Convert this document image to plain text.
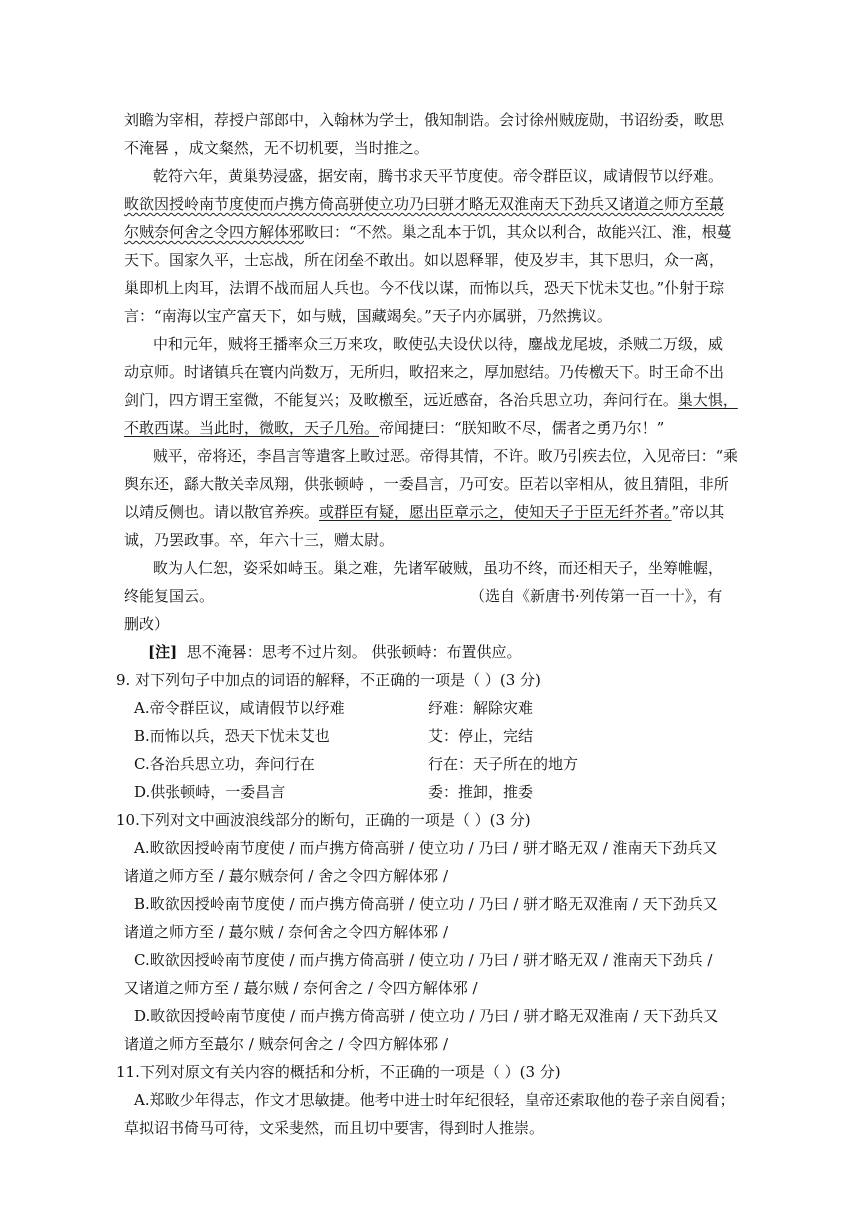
刘瞻为宰相，荐授户部郎中，入翰林为学士，俄知制诰。会讨徐州贼庞勋，书诏纷委，畋思
不淹晷 ，成文粲然，无不切机要，当时推之。
乾符六年，黄巢势浸盛，据安南，腾书求天平节度使。帝令群臣议，咸请假节以纾难。
畋欲因授岭南节度使而卢携方倚高骈使立功乃曰骈才略无双淮南天下劲兵又诸道之师方至蕞
尔贼奈何舍之令四方解体邪畋曰：“不然。巢之乱本于饥，其众以利合，故能兴江、淮，根蔓
天下。国家久平，士忘战，所在闭垒不敢出。如以恩释罪，使及岁丰，其下思归，众一离，
巢即机上肉耳，法谓不战而屈人兵也。今不伐以谋，而怖以兵，恐天下忧未艾也。”仆射于琮
言：“南海以宝产富天下，如与贼，国藏竭矣。”天子内亦属骈，乃然携议。
中和元年，贼将王播率众三万来攻，畋使弘夫设伏以待，鏖战龙尾坡，杀贼二万级，威
动京师。时诸镇兵在寰内尚数万，无所归，畋招来之，厚加慰结。乃传檄天下。时王命不出
剑门，四方谓王室微，不能复兴；及畋檄至，远近感奋，各治兵思立功，奔问行在。巢大惧，
不敢西谋。当此时，微畋，天子几殆。帝闻捷曰：“朕知畋不尽，儒者之勇乃尔！”
贼平，帝将还，李昌言等遣客上畋过恶。帝得其情，不许。畋乃引疾去位，入见帝曰：“乘
舆东还，繇大散关幸凤翔，供张顿峙 ，一委昌言，乃可安。臣若以宰相从，彼且猜阻，非所
以靖反侧也。请以散官养疾。或群臣有疑，愿出臣章示之，使知天子于臣无纤芥者。”帝以其
诚，乃罢政事。卒，年六十三，赠太尉。
畋为人仁恕，姿采如峙玉。巢之难，先诸军破贼，虽功不终，而还相天子，坐筹帷幄，
终能复国云。	（选自《新唐书·列传第一百一十》，有
删改）
[注] 思不淹晷：思考不过片刻。 供张顿峙：布置供应。
9. 对下列句子中加点的词语的解释，不正确的一项是（ ）(3 分)
A.帝令群臣议，咸请假节以纾难	纾难：解除灾难
B.而怖以兵，恐天下忧未艾也	艾：停止，完结
C.各治兵思立功，奔问行在	行在：天子所在的地方
D.供张顿峙，一委昌言	委：推卸，推委
10.下列对文中画波浪线部分的断句，正确的一项是（ ）(3 分)
A.畋欲因授岭南节度使 / 而卢携方倚高骈 / 使立功 / 乃曰 / 骈才略无双 / 淮南天下劲兵又
诸道之师方至 / 蕞尔贼奈何 / 舍之令四方解体邪 /
B.畋欲因授岭南节度使 / 而卢携方倚高骈 / 使立功 / 乃曰 / 骈才略无双淮南 / 天下劲兵又
诸道之师方至 / 蕞尔贼 / 奈何舍之令四方解体邪 /
C.畋欲因授岭南节度使 / 而卢携方倚高骈 / 使立功 / 乃曰 / 骈才略无双 / 淮南天下劲兵 /
又诸道之师方至 / 蕞尔贼 / 奈何舍之 / 令四方解体邪 /
D.畋欲因授岭南节度使 / 而卢携方倚高骈 / 使立功 / 乃曰 / 骈才略无双淮南 / 天下劲兵又
诸道之师方至蕞尔 / 贼奈何舍之 / 令四方解体邪 /
11.下列对原文有关内容的概括和分析，不正确的一项是（ ）(3 分)
A.郑畋少年得志，作文才思敏捷。他考中进士时年纪很轻，皇帝还索取他的卷子亲自阅看；
草拟诏书倚马可待，文采斐然，而且切中要害，得到时人推崇。
